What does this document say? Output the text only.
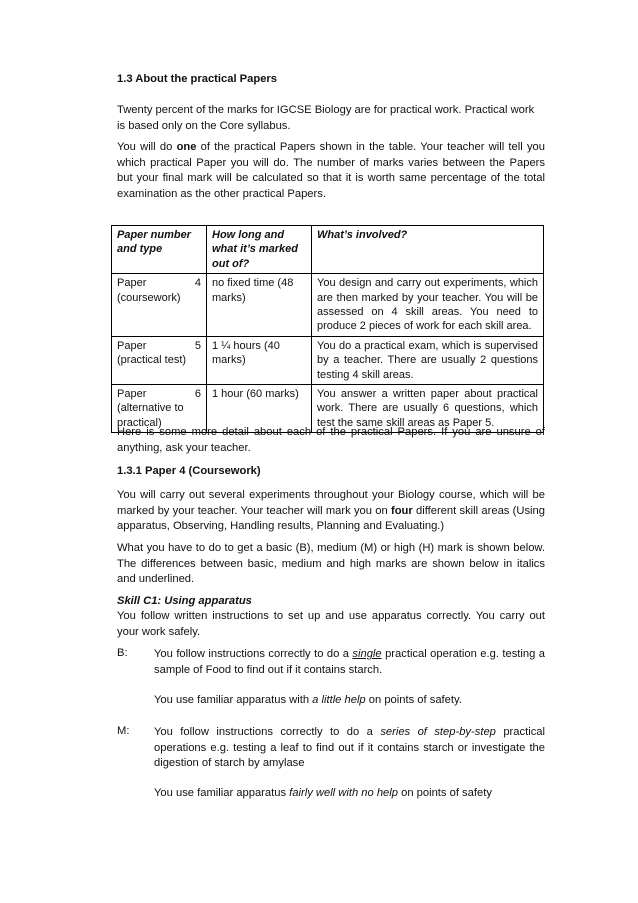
1.3 About the practical Papers

Twenty percent of the marks for IGCSE Biology are for practical work. Practical work is based only on the Core syllabus.

You will do one of the practical Papers shown in the table. Your teacher will tell you which practical Paper you will do. The number of marks varies between the Papers but your final mark will be calculated so that it is worth same percentage of the total examination as the other practical Papers.

Paper number and type	How long and what it’s marked out of?	What’s involved?

Paper 4
(coursework)	no fixed time (48 marks)	You design and carry out experiments, which are then marked by your teacher. You will be assessed on 4 skill areas. You need to produce 2 pieces of work for each skill area.

Paper 5
(practical test)	1 ¼ hours (40 marks)	You do a practical exam, which is supervised by a teacher. There are usually 2 questions testing 4 skill areas.

Paper 6
(alternative to practical)	1 hour (60 marks)	You answer a written paper about practical work. There are usually 6 questions, which test the same skill areas as Paper 5.

Here is some more detail about each of the practical Papers. If you are unsure of anything, ask your teacher.

1.3.1 Paper 4 (Coursework)

You will carry out several experiments throughout your Biology course, which will be marked by your teacher. Your teacher will mark you on four different skill areas (Using apparatus, Observing, Handling results, Planning and Evaluating.)

What you have to do to get a basic (B), medium (M) or high (H) mark is shown below. The differences between basic, medium and high marks are shown below in italics and underlined.

Skill C1: Using apparatus

You follow written instructions to set up and use apparatus correctly. You carry out your work safely.

B:	You follow instructions correctly to do a single practical operation e.g. testing a sample of Food to find out if it contains starch.

You use familiar apparatus with a little help on points of safety.

M:	You follow instructions correctly to do a series of step-by-step practical operations e.g. testing a leaf to find out if it contains starch or investigate the digestion of starch by amylase

You use familiar apparatus fairly well with no help on points of safety
